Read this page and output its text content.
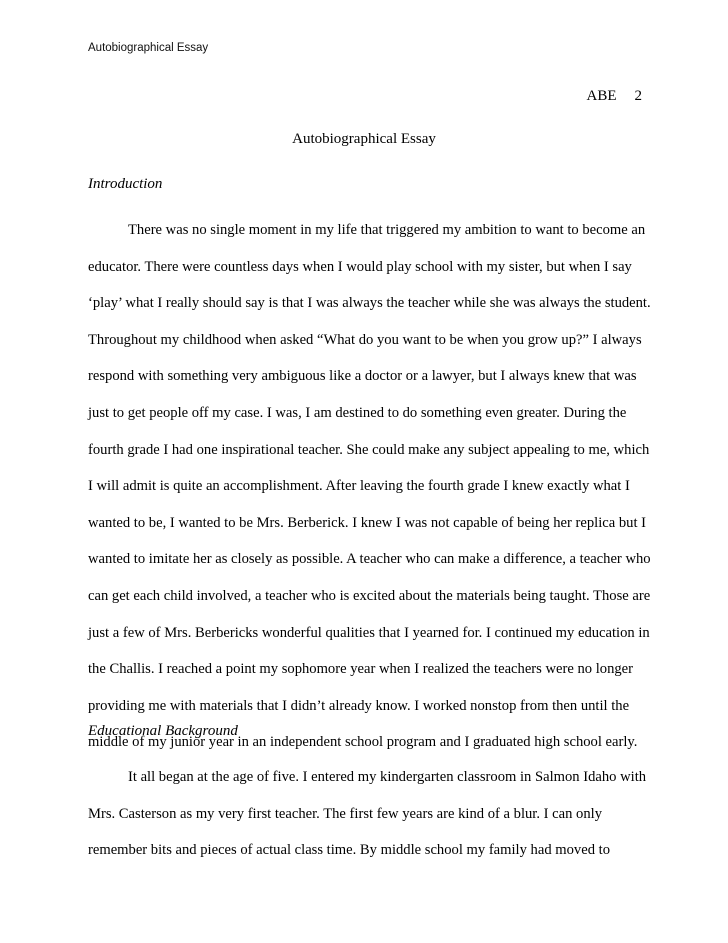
Autobiographical Essay
ABE 2
Autobiographical Essay
Introduction
There was no single moment in my life that triggered my ambition to want to become an
educator. There were countless days when I would play school with my sister, but when I say
‘play’ what I really should say is that I was always the teacher while she was always the student.
Throughout my childhood when asked “What do you want to be when you grow up?” I always
respond with something very ambiguous like a doctor or a lawyer, but I always knew that was
just to get people off my case. I was, I am destined to do something even greater. During the
fourth grade I had one inspirational teacher. She could make any subject appealing to me, which
I will admit is quite an accomplishment. After leaving the fourth grade I knew exactly what I
wanted to be, I wanted to be Mrs. Berberick. I knew I was not capable of being her replica but I
wanted to imitate her as closely as possible. A teacher who can make a difference, a teacher who
can get each child involved, a teacher who is excited about the materials being taught. Those are
just a few of Mrs. Berbericks wonderful qualities that I yearned for. I continued my education in
the Challis. I reached a point my sophomore year when I realized the teachers were no longer
providing me with materials that I didn’t already know. I worked nonstop from then until the
middle of my junior year in an independent school program and I graduated high school early.
Educational Background
It all began at the age of five. I entered my kindergarten classroom in Salmon Idaho with
Mrs. Casterson as my very first teacher. The first few years are kind of a blur. I can only
remember bits and pieces of actual class time. By middle school my family had moved to
